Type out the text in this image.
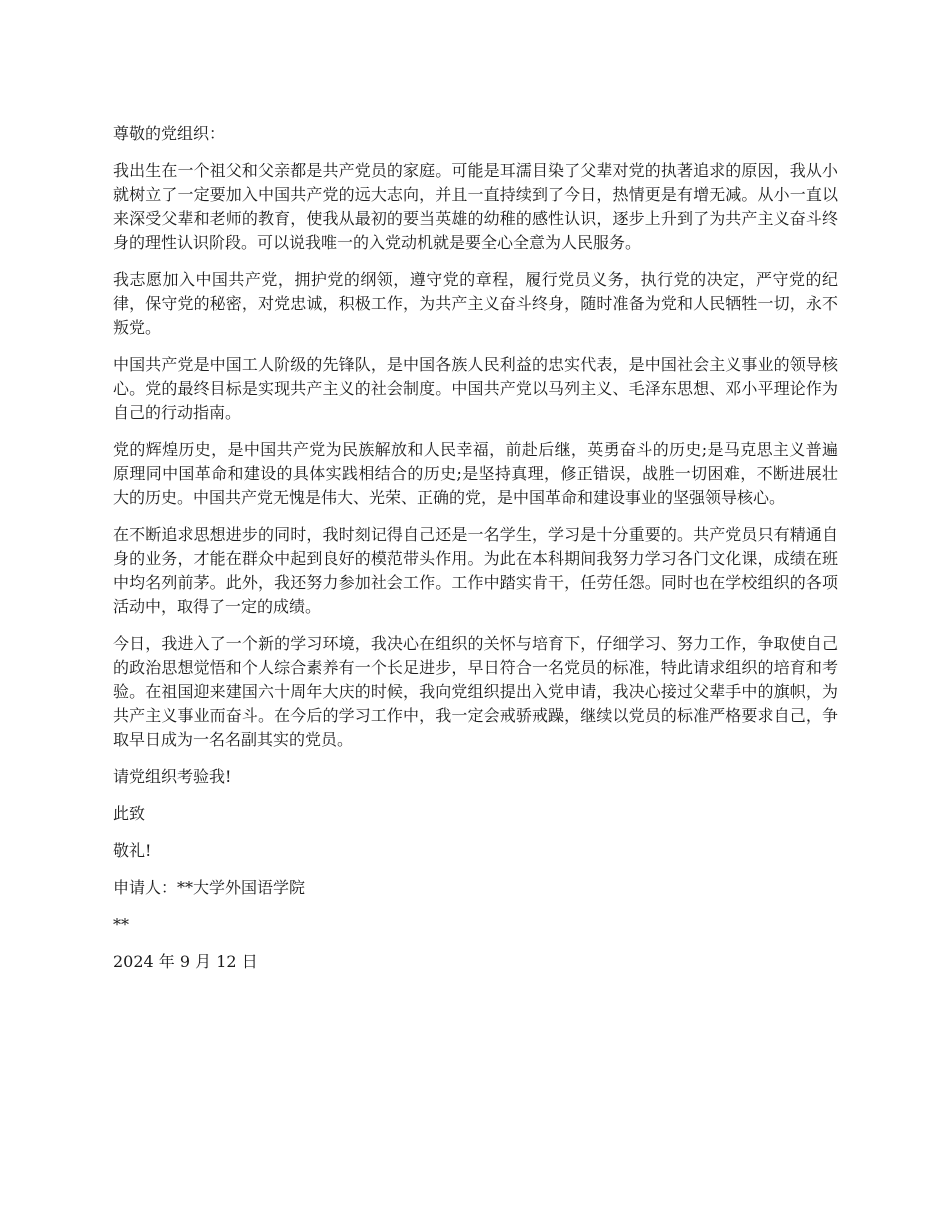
尊敬的党组织：

我出生在一个祖父和父亲都是共产党员的家庭。可能是耳濡目染了父辈对党的执著追求的原因，我从小就树立了一定要加入中国共产党的远大志向，并且一直持续到了今日，热情更是有增无减。从小一直以来深受父辈和老师的教育，使我从最初的要当英雄的幼稚的感性认识，逐步上升到了为共产主义奋斗终身的理性认识阶段。可以说我唯一的入党动机就是要全心全意为人民服务。

我志愿加入中国共产党，拥护党的纲领，遵守党的章程，履行党员义务，执行党的决定，严守党的纪律，保守党的秘密，对党忠诚，积极工作，为共产主义奋斗终身，随时准备为党和人民牺牲一切，永不叛党。

中国共产党是中国工人阶级的先锋队，是中国各族人民利益的忠实代表，是中国社会主义事业的领导核心。党的最终目标是实现共产主义的社会制度。中国共产党以马列主义、毛泽东思想、邓小平理论作为自己的行动指南。

党的辉煌历史，是中国共产党为民族解放和人民幸福，前赴后继，英勇奋斗的历史;是马克思主义普遍原理同中国革命和建设的具体实践相结合的历史;是坚持真理，修正错误，战胜一切困难，不断进展壮大的历史。中国共产党无愧是伟大、光荣、正确的党，是中国革命和建设事业的坚强领导核心。

在不断追求思想进步的同时，我时刻记得自己还是一名学生，学习是十分重要的。共产党员只有精通自身的业务，才能在群众中起到良好的模范带头作用。为此在本科期间我努力学习各门文化课，成绩在班中均名列前茅。此外，我还努力参加社会工作。工作中踏实肯干，任劳任怨。同时也在学校组织的各项活动中，取得了一定的成绩。

今日，我进入了一个新的学习环境，我决心在组织的关怀与培育下，仔细学习、努力工作，争取使自己的政治思想觉悟和个人综合素养有一个长足进步，早日符合一名党员的标准，特此请求组织的培育和考验。在祖国迎来建国六十周年大庆的时候，我向党组织提出入党申请，我决心接过父辈手中的旗帜，为共产主义事业而奋斗。在今后的学习工作中，我一定会戒骄戒躁，继续以党员的标准严格要求自己，争取早日成为一名名副其实的党员。

请党组织考验我!

此致

敬礼!

申请人：**大学外国语学院

**

2024 年 9 月 12 日
